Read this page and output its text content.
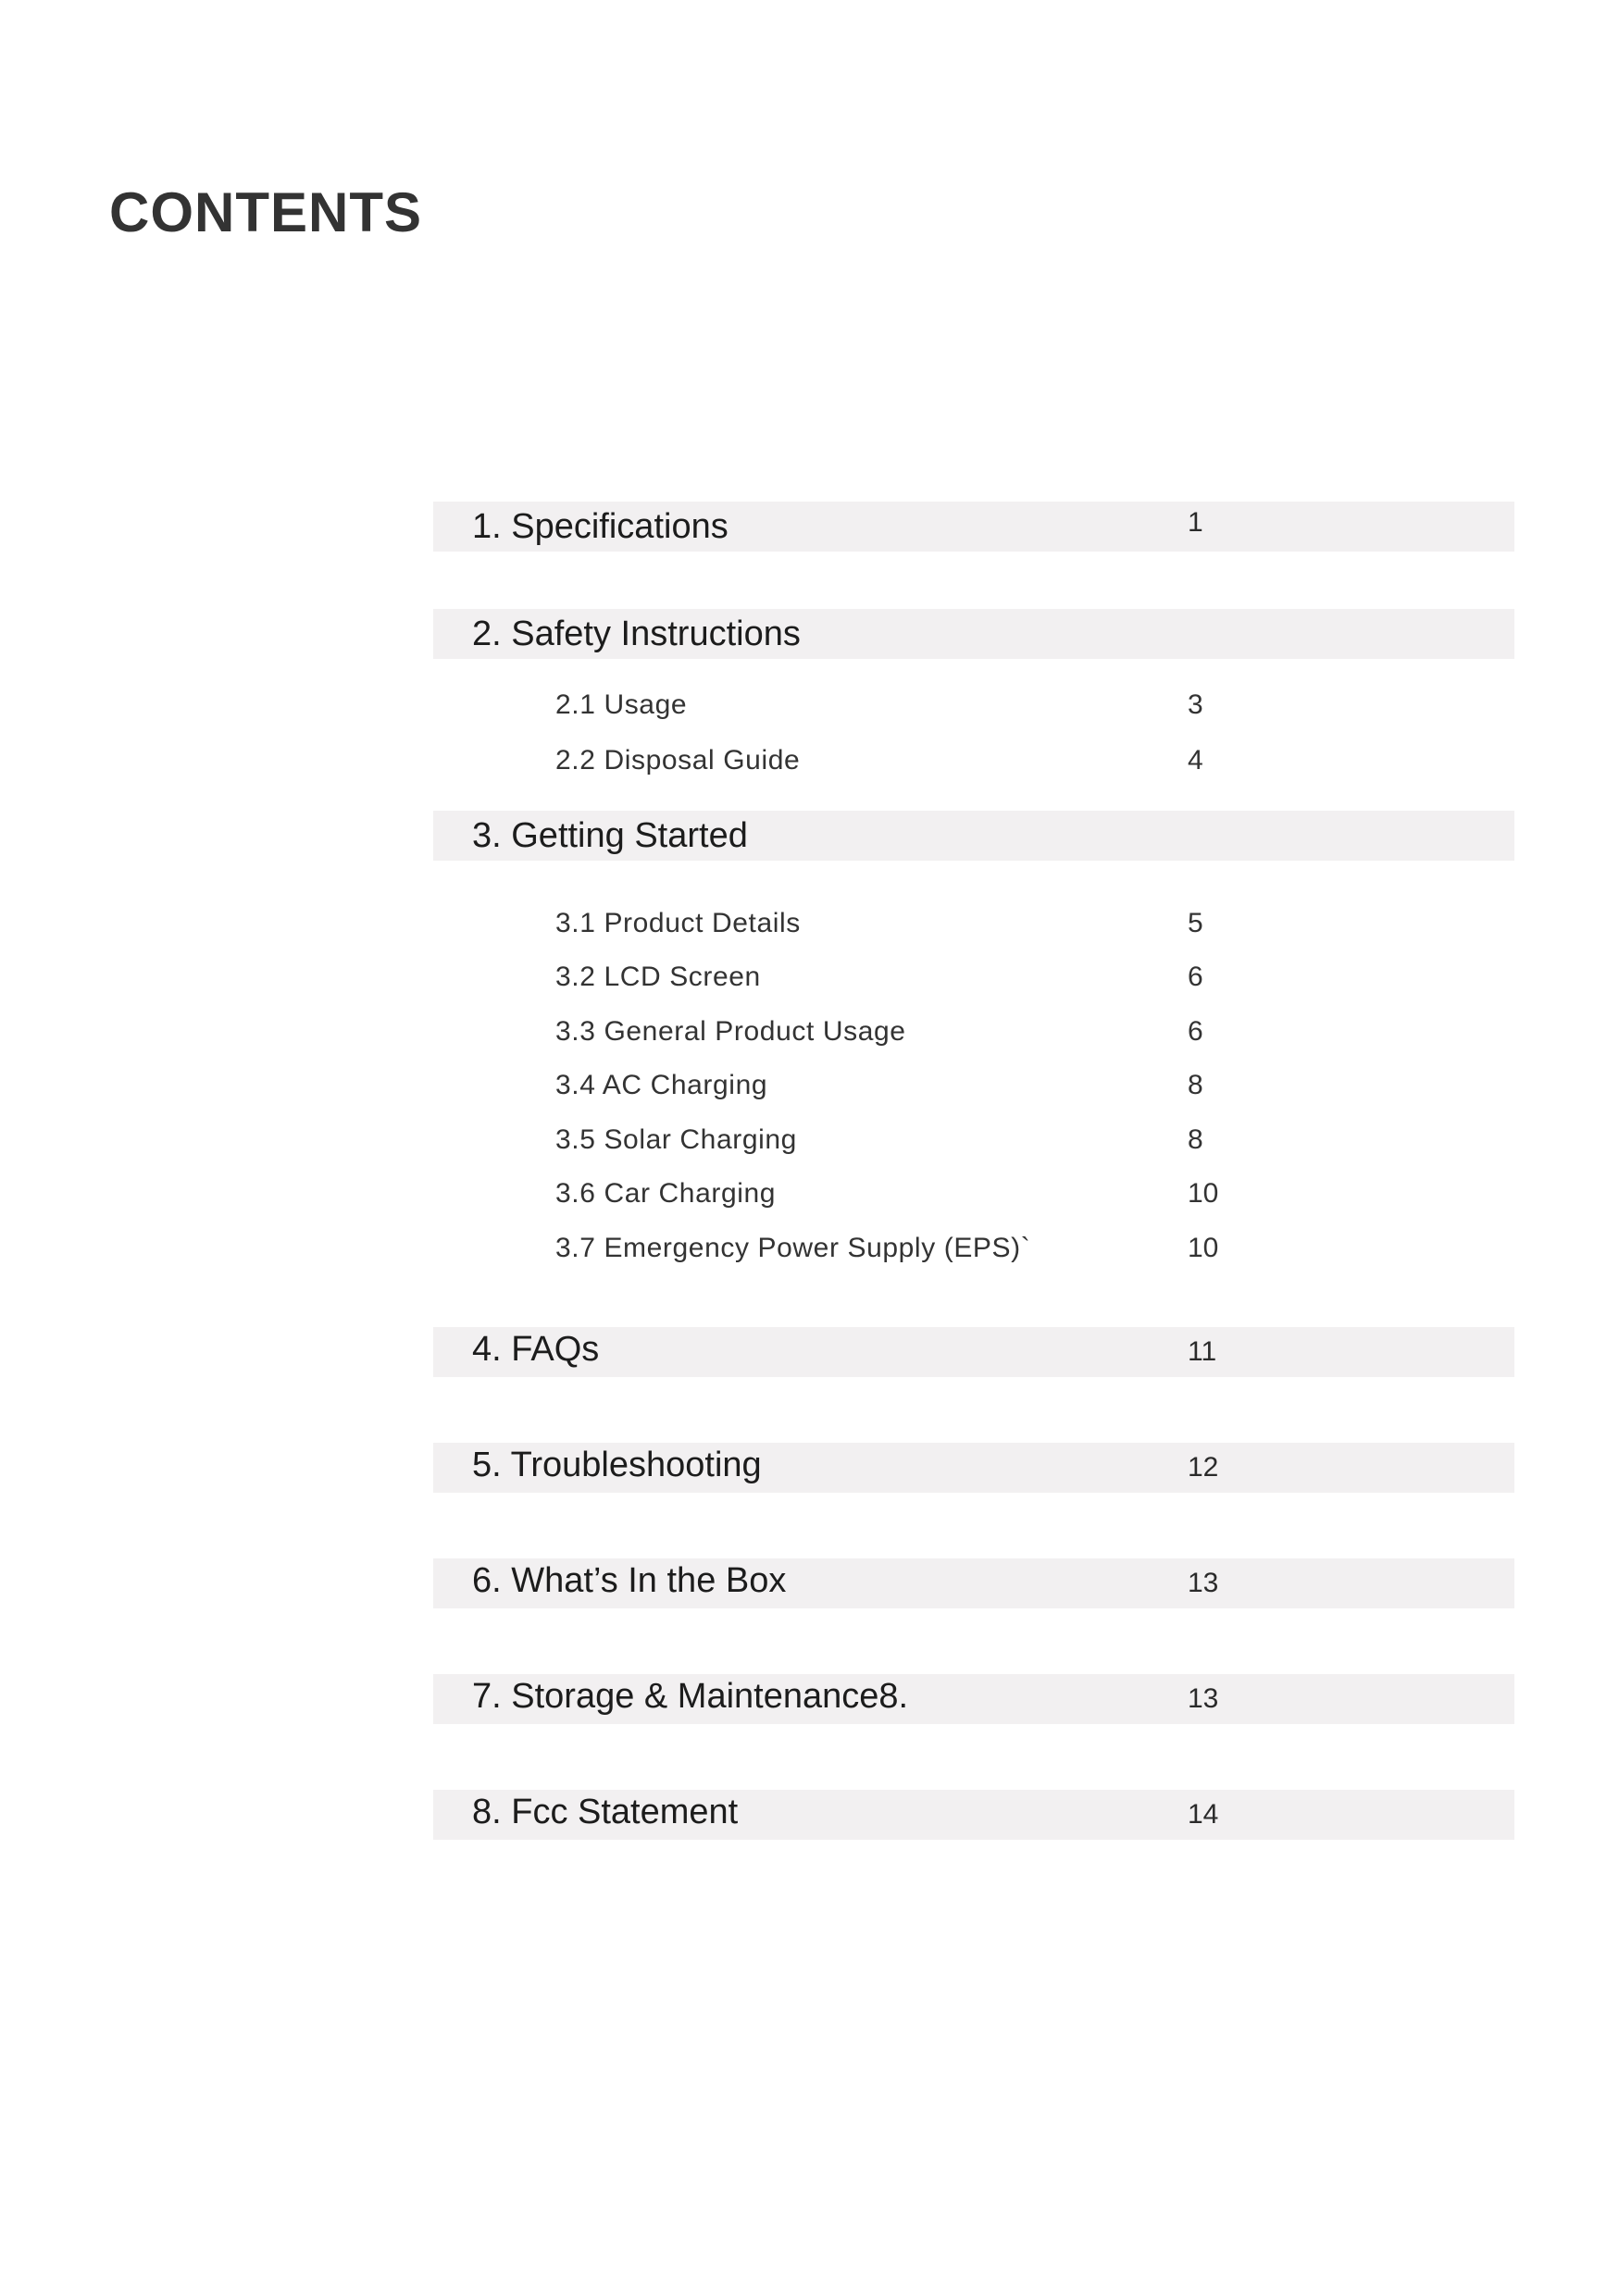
CONTENTS
1. Specifications	1
2. Safety Instructions
2.1 Usage	3
2.2 Disposal Guide	4
3. Getting Started
3.1 Product Details	5
3.2 LCD Screen	6
3.3 General Product Usage	6
3.4 AC Charging	8
3.5 Solar Charging	8
3.6 Car Charging	10
3.7 Emergency Power Supply (EPS)`	10
4. FAQs	11
5. Troubleshooting	12
6. What’s In the Box	13
7. Storage & Maintenance8.	13
8. Fcc Statement	14
